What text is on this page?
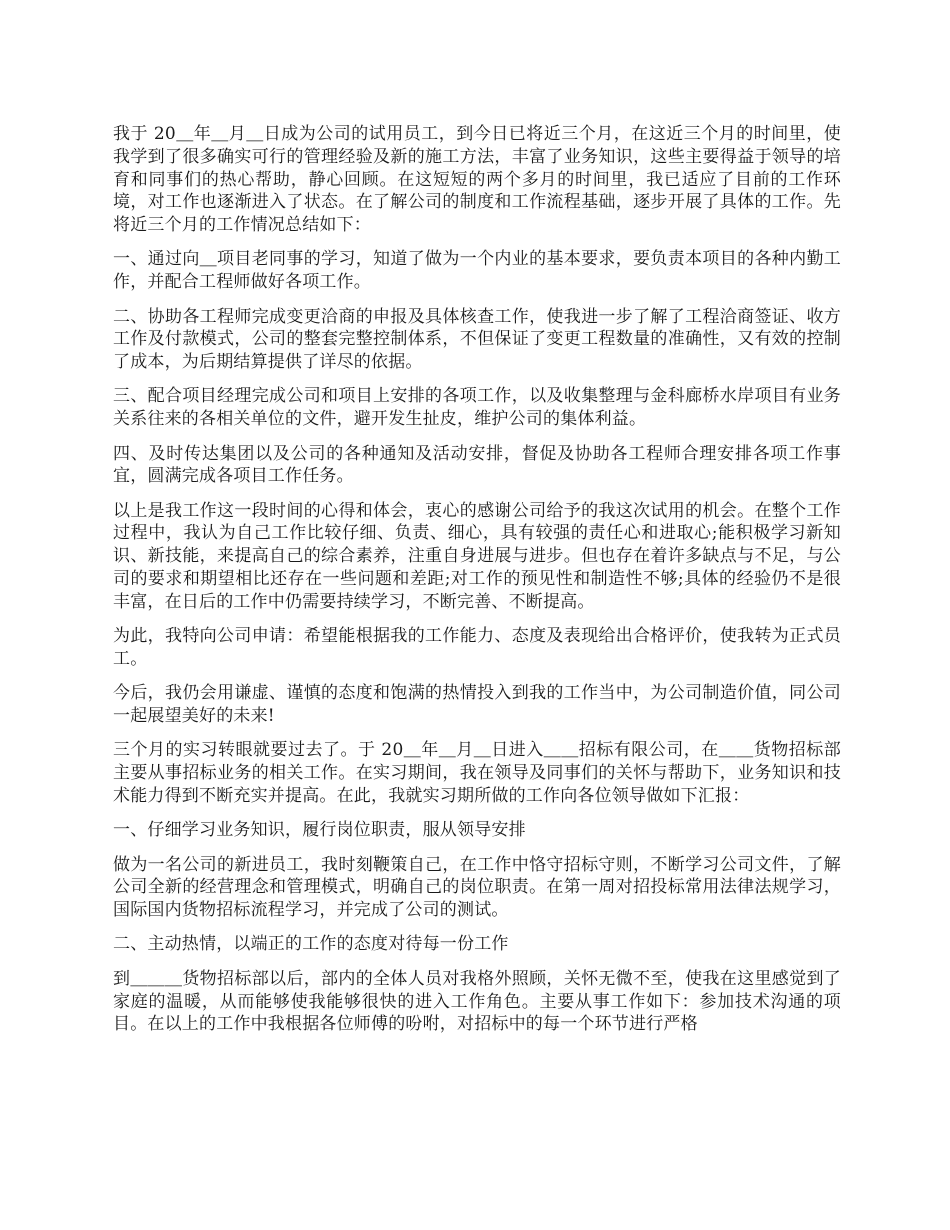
我于 20＿年＿月＿日成为公司的试用员工，到今日已将近三个月，在这近三个月的时间里，使我学到了很多确实可行的管理经验及新的施工方法，丰富了业务知识，这些主要得益于领导的培育和同事们的热心帮助，静心回顾。在这短短的两个多月的时间里，我已适应了目前的工作环境，对工作也逐渐进入了状态。在了解公司的制度和工作流程基础，逐步开展了具体的工作。先将近三个月的工作情况总结如下：

一、通过向＿项目老同事的学习，知道了做为一个内业的基本要求，要负责本项目的各种内勤工作，并配合工程师做好各项工作。

二、协助各工程师完成变更洽商的申报及具体核查工作，使我进一步了解了工程洽商签证、收方工作及付款模式，公司的整套完整控制体系，不但保证了变更工程数量的准确性，又有效的控制了成本，为后期结算提供了详尽的依据。

三、配合项目经理完成公司和项目上安排的各项工作，以及收集整理与金科廊桥水岸项目有业务关系往来的各相关单位的文件，避开发生扯皮，维护公司的集体利益。

四、及时传达集团以及公司的各种通知及活动安排，督促及协助各工程师合理安排各项工作事宜，圆满完成各项目工作任务。

以上是我工作这一段时间的心得和体会，衷心的感谢公司给予的我这次试用的机会。在整个工作过程中，我认为自己工作比较仔细、负责、细心，具有较强的责任心和进取心;能积极学习新知识、新技能，来提高自己的综合素养，注重自身进展与进步。但也存在着许多缺点与不足，与公司的要求和期望相比还存在一些问题和差距;对工作的预见性和制造性不够;具体的经验仍不是很丰富，在日后的工作中仍需要持续学习，不断完善、不断提高。

为此，我特向公司申请：希望能根据我的工作能力、态度及表现给出合格评价，使我转为正式员工。

今后，我仍会用谦虚、谨慎的态度和饱满的热情投入到我的工作当中，为公司制造价值，同公司一起展望美好的未来!

三个月的实习转眼就要过去了。于 20＿年＿月＿日进入＿＿招标有限公司，在＿＿货物招标部主要从事招标业务的相关工作。在实习期间，我在领导及同事们的关怀与帮助下，业务知识和技术能力得到不断充实并提高。在此，我就实习期所做的工作向各位领导做如下汇报：

一、仔细学习业务知识，履行岗位职责，服从领导安排

做为一名公司的新进员工，我时刻鞭策自己，在工作中恪守招标守则，不断学习公司文件，了解公司全新的经营理念和管理模式，明确自己的岗位职责。在第一周对招投标常用法律法规学习，国际国内货物招标流程学习，并完成了公司的测试。

二、主动热情，以端正的工作的态度对待每一份工作

到＿＿＿货物招标部以后，部内的全体人员对我格外照顾，关怀无微不至，使我在这里感觉到了家庭的温暖，从而能够使我能够很快的进入工作角色。主要从事工作如下：参加技术沟通的项目。在以上的工作中我根据各位师傅的吩咐，对招标中的每一个环节进行严格
